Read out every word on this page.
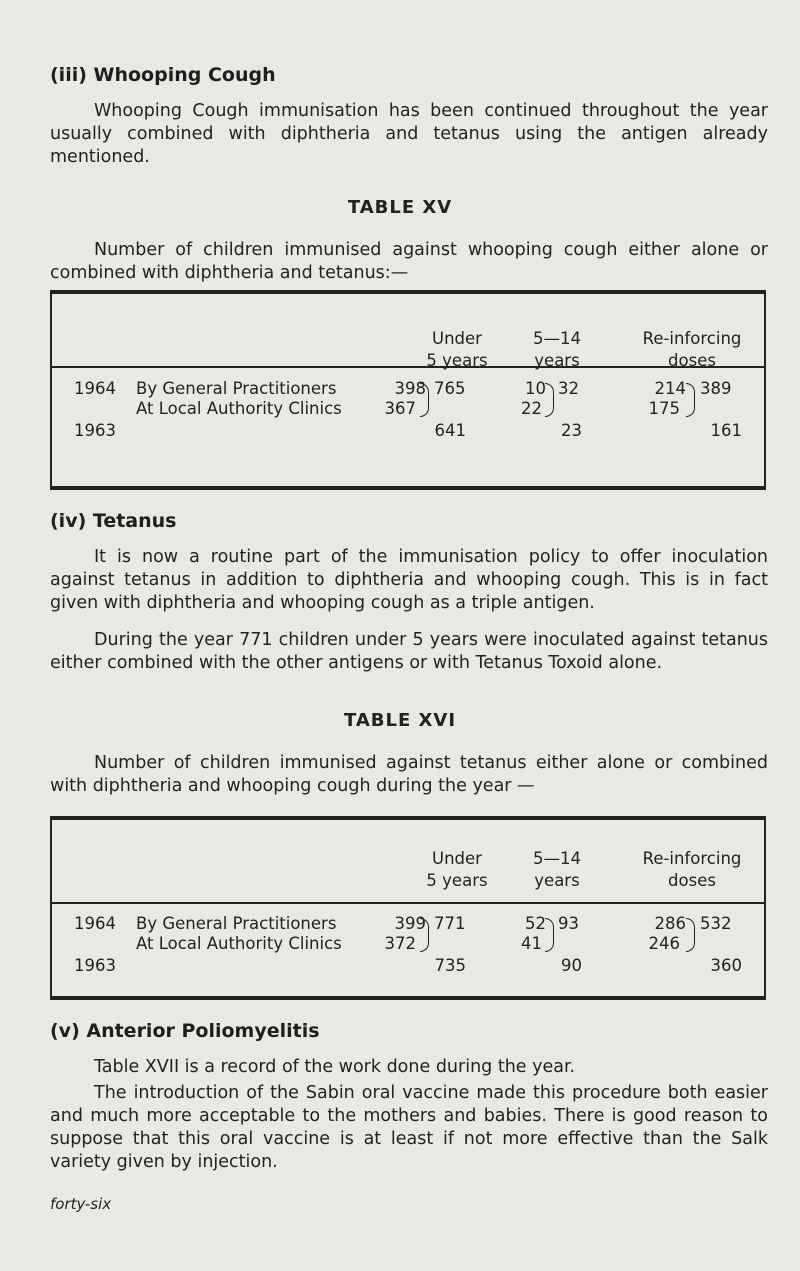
(iii) Whooping Cough

Whooping Cough immunisation has been continued throughout the year usually combined with diphtheria and tetanus using the antigen already mentioned.

TABLE XV

Number of children immunised against whooping cough either alone or combined with diphtheria and tetanus:—

Under
5 years
5—14
years
Re-inforcing
doses
1964 By General Practitioners
At Local Authority Clinics
1963
398
367
765
641
10
22
32
23
214
175
389
161
(iv) Tetanus

It is now a routine part of the immunisation policy to offer inoculation against tetanus in addition to diphtheria and whooping cough. This is in fact given with diphtheria and whooping cough as a triple antigen.

During the year 771 children under 5 years were inoculated against tetanus either combined with the other antigens or with Tetanus Toxoid alone.

TABLE XVI

Number of children immunised against tetanus either alone or combined with diphtheria and whooping cough during the year —

Under
5 years
5—14
years
Re-inforcing
doses
1964 By General Practitioners
At Local Authority Clinics
1963
399
372
771
735
52
41
93
90
286
246
532
360
(v) Anterior Poliomyelitis

Table XVII is a record of the work done during the year.

The introduction of the Sabin oral vaccine made this procedure both easier and much more acceptable to the mothers and babies. There is good reason to suppose that this oral vaccine is at least if not more effective than the Salk variety given by injection.

forty-six
